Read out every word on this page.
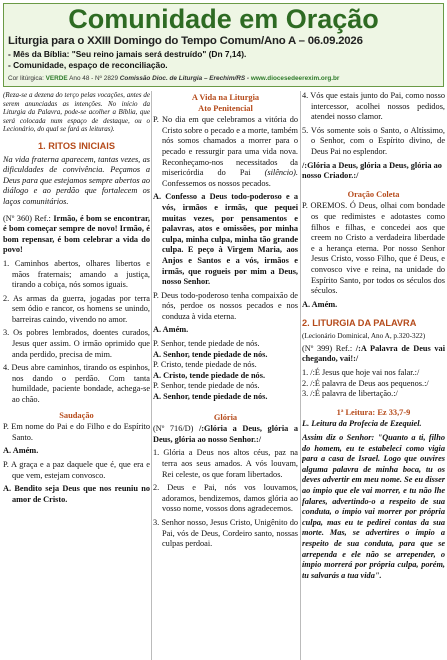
Comunidade em Oração
Liturgia para o XXIII Domingo do Tempo Comum/Ano A – 06.09.2026
- Mês da Bíblia: "Seu reino jamais será destruído" (Dn 7,14).
- Comunidade, espaço de reconciliação.
Cor litúrgica: VERDE Ano 48 - Nº 2829 Comissão Dioc. de Liturgia – Erechim/RS - www.diocesedeerexim.org.br

(Reza-se a dezena do terço pelas vocações, antes de serem anunciadas as intenções. No início da Liturgia da Palavra, pode-se acolher a Bíblia, que será colocada num espaço de destaque, ou o Lecionário, do qual se fará as leituras).

1. RITOS INICIAIS

Na vida fraterna aparecem, tantas vezes, as dificuldades de convivência. Peçamos a Deus para que estejamos sempre abertos ao diálogo e ao perdão que fortalecem os laços comunitários.

(Nº 360) Ref.: Irmão, é bom se encontrar, é bom começar sempre de novo! Irmão, é bom repensar, é bom celebrar a vida do povo!

1. Caminhos abertos, olhares libertos e mãos fraternais; amando a justiça, tirando a cobiça, nós somos iguais.

2. As armas da guerra, jogadas por terra sem ódio e rancor, os homens se unindo, barreiras caindo, vivendo no amor.

3. Os pobres lembrados, doentes curados, Jesus quer assim. O irmão oprimido que anda perdido, precisa de mim.

4. Deus abre caminhos, tirando os espinhos, nos dando o perdão. Com tanta humildade, paciente bondade, achega-se ao chão.

Saudação

P. Em nome do Pai e do Filho e do Espírito Santo.

A. Amém.

P. A graça e a paz daquele que é, que era e que vem, estejam convosco.

A. Bendito seja Deus que nos reuniu no amor de Cristo.

A Vida na Liturgia
Ato Penitencial

P. No dia em que celebramos a vitória do Cristo sobre o pecado e a morte, também nós somos chamados a morrer para o pecado e ressurgir para uma vida nova. Reconheçamo-nos necessitados da misericórdia do Pai (silêncio). Confessemos os nossos pecados.

A. Confesso a Deus todo-poderoso e a vós, irmãos e irmãs, que pequei muitas vezes, por pensamentos e palavras, atos e omissões, por minha culpa, minha culpa, minha tão grande culpa. E peço à Virgem Maria, aos Anjos e Santos e a vós, irmãos e irmãs, que rogueis por mim a Deus, nosso Senhor.

P. Deus todo-poderoso tenha compaixão de nós, perdoe os nossos pecados e nos conduza à vida eterna.

A. Amém.

P. Senhor, tende piedade de nós.

A. Senhor, tende piedade de nós.

P. Cristo, tende piedade de nós.

A. Cristo, tende piedade de nós.

P. Senhor, tende piedade de nós.

A. Senhor, tende piedade de nós.

Glória

(Nº 716/D) /:Glória a Deus, glória a Deus, glória ao nosso Senhor.:/

1. Glória a Deus nos altos céus, paz na terra aos seus amados. A vós louvam, Rei celeste, os que foram libertados.

2. Deus e Pai, nós vos louvamos, adoramos, bendizemos, damos glória ao vosso nome, vossos dons agradecemos.

3. Senhor nosso, Jesus Cristo, Unigênito do Pai, vós de Deus, Cordeiro santo, nossas culpas perdoai.

4. Vós que estais junto do Pai, como nosso intercessor, acolhei nossos pedidos, atendei nosso clamor.

5. Vós somente sois o Santo, o Altíssimo, o Senhor, com o Espírito divino, de Deus Pai no esplendor.

/:Glória a Deus, glória a Deus, glória ao nosso Criador.:/

Oração Coleta

P. OREMOS. Ó Deus, olhai com bondade os que redimistes e adotastes como filhos e filhas, e concedei aos que creem no Cristo a verdadeira liberdade e a herança eterna. Por nosso Senhor Jesus Cristo, vosso Filho, que é Deus, e convosco vive e reina, na unidade do Espírito Santo, por todos os séculos dos séculos.

A. Amém.

2. LITURGIA DA PALAVRA

(Lecionário Dominical, Ano A, p.320-322)

(Nº 399) Ref.: /:A Palavra de Deus vai chegando, vai!:/

1. /:É Jesus que hoje vai nos falar.:/

2. /:É palavra de Deus aos pequenos.:/

3. /:É palavra de libertação.:/

1ª Leitura: Ez 33,7-9

L. Leitura da Profecia de Ezequiel.

Assim diz o Senhor: "Quanto a ti, filho do homem, eu te estabeleci como vigia para a casa de Israel. Logo que ouvires alguma palavra de minha boca, tu os deves advertir em meu nome. Se eu disser ao ímpio que ele vai morrer, e tu não lhe falares, advertindo-o a respeito de sua conduta, o ímpio vai morrer por própria culpa, mas eu te pedirei contas da sua morte. Mas, se advertires o ímpio a respeito de sua conduta, para que se arrependa e ele não se arrepender, o ímpio morrerá por própria culpa, porém, tu salvarás a tua vida".
